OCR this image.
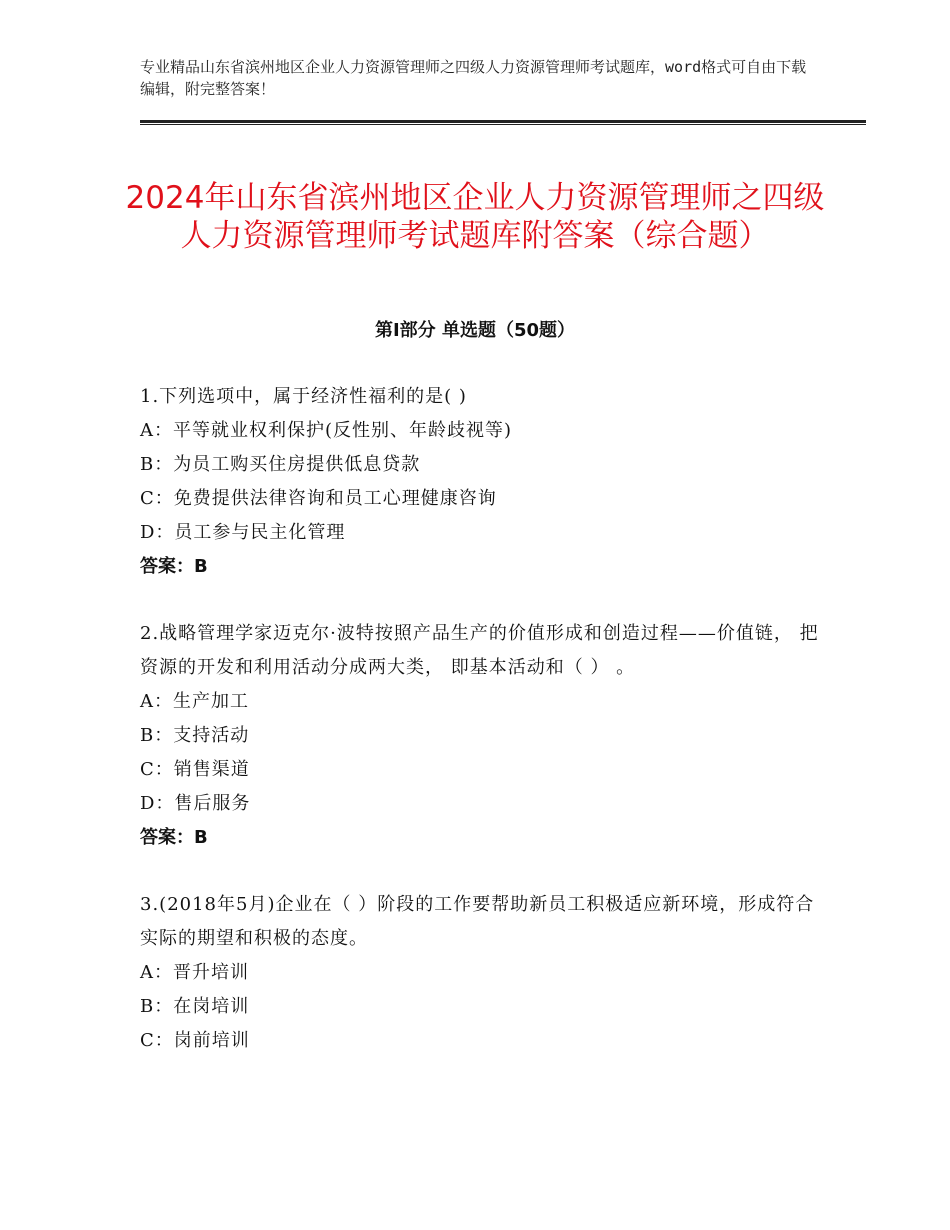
专业精品山东省滨州地区企业人力资源管理师之四级人力资源管理师考试题库，word格式可自由下载编辑，附完整答案！
2024年山东省滨州地区企业人力资源管理师之四级人力资源管理师考试题库附答案（综合题）
第Ⅰ部分 单选题（50题）
1.下列选项中，属于经济性福利的是( )
A：平等就业权利保护(反性别、年龄歧视等)
B：为员工购买住房提供低息贷款
C：免费提供法律咨询和员工心理健康咨询
D：员工参与民主化管理
答案：B
2.战略管理学家迈克尔·波特按照产品生产的价值形成和创造过程——价值链， 把资源的开发和利用活动分成两大类， 即基本活动和（ ） 。
A：生产加工
B：支持活动
C：销售渠道
D：售后服务
答案：B
3.(2018年5月)企业在（ ）阶段的工作要帮助新员工积极适应新环境，形成符合实际的期望和积极的态度。
A：晋升培训
B：在岗培训
C：岗前培训
